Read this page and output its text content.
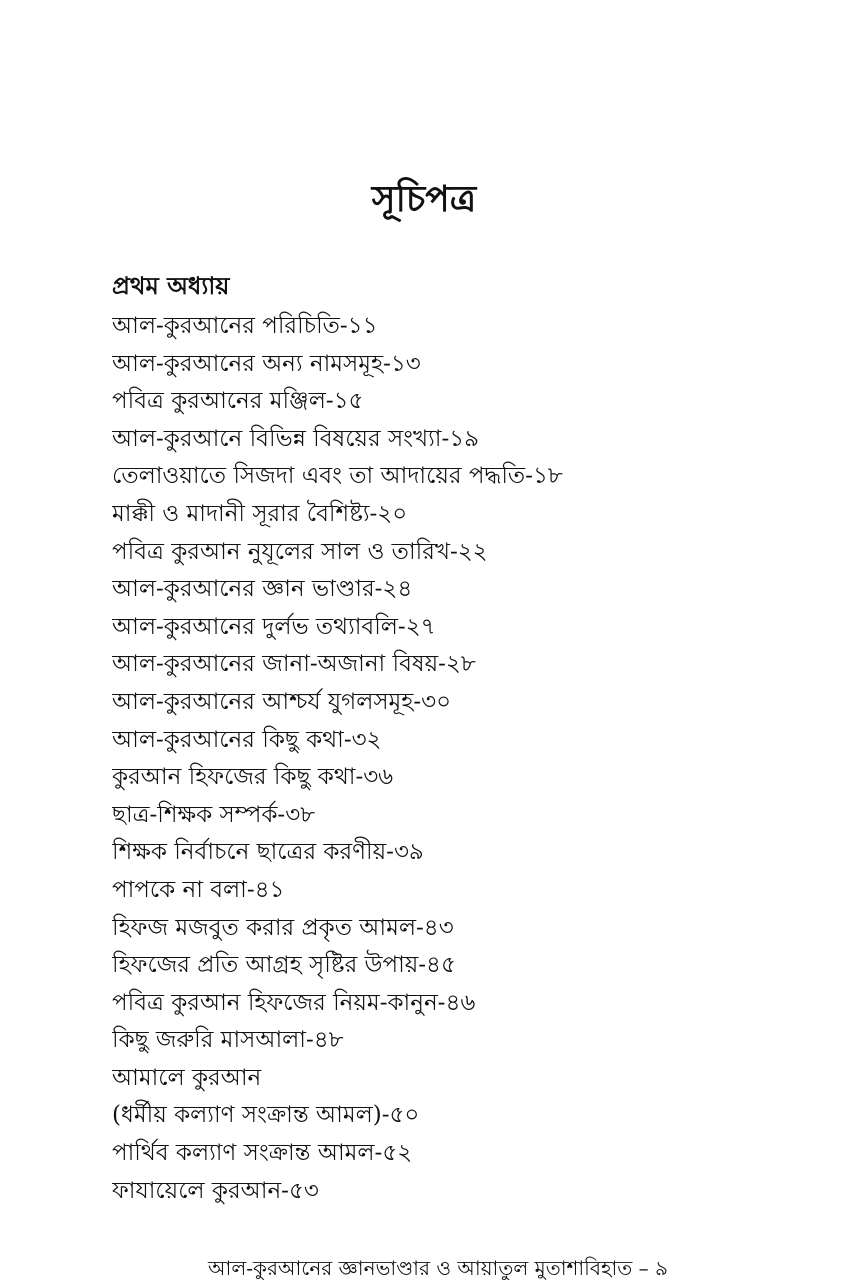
সূচিপত্র
প্রথম অধ্যায়
আল-কুরআনের পরিচিতি-১১
আল-কুরআনের অন্য নামসমূহ-১৩
পবিত্র কুরআনের মঞ্জিল-১৫
আল-কুরআনে বিভিন্ন বিষয়ের সংখ্যা-১৯
তেলাওয়াতে সিজদা এবং তা আদায়ের পদ্ধতি-১৮
মাক্কী ও মাদানী সূরার বৈশিষ্ট্য-২০
পবিত্র কুরআন নুযূলের সাল ও তারিখ-২২
আল-কুরআনের জ্ঞান ভাণ্ডার-২৪
আল-কুরআনের দুর্লভ তথ্যাবলি-২৭
আল-কুরআনের জানা-অজানা বিষয়-২৮
আল-কুরআনের আশ্চর্য যুগলসমূহ-৩০
আল-কুরআনের কিছু কথা-৩২
কুরআন হিফজের কিছু কথা-৩৬
ছাত্র-শিক্ষক সম্পর্ক-৩৮
শিক্ষক নির্বাচনে ছাত্রের করণীয়-৩৯
পাপকে না বলা-৪১
হিফজ মজবুত করার প্রকৃত আমল-৪৩
হিফজের প্রতি আগ্রহ সৃষ্টির উপায়-৪৫
পবিত্র কুরআন হিফজের নিয়ম-কানুন-৪৬
কিছু জরুরি মাসআলা-৪৮
আমালে কুরআন
(ধর্মীয় কল্যাণ সংক্রান্ত আমল)-৫০
পার্থিব কল্যাণ সংক্রান্ত আমল-৫২
ফাযায়েলে কুরআন-৫৩
আল-কুরআনের জ্ঞানভাণ্ডার ও আয়াতুল মুতাশাবিহাত – ৯
